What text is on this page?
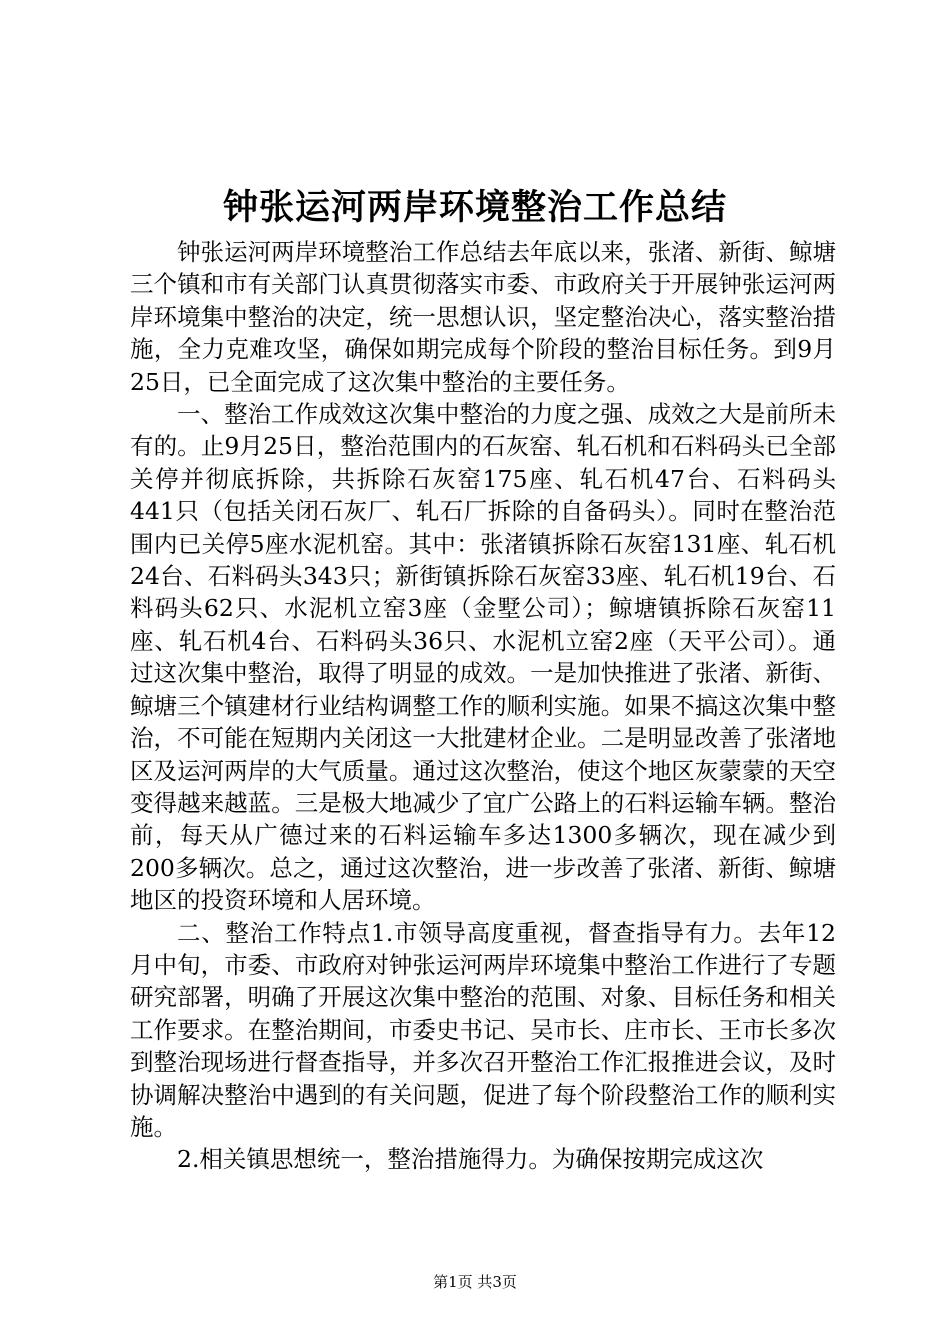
钟张运河两岸环境整治工作总结

钟张运河两岸环境整治工作总结去年底以来，张渚、新街、鲸塘三个镇和市有关部门认真贯彻落实市委、市政府关于开展钟张运河两岸环境集中整治的决定，统一思想认识，坚定整治决心，落实整治措施，全力克难攻坚，确保如期完成每个阶段的整治目标任务。到9月25日，已全面完成了这次集中整治的主要任务。

一、整治工作成效这次集中整治的力度之强、成效之大是前所未有的。止9月25日，整治范围内的石灰窑、轧石机和石料码头已全部关停并彻底拆除，共拆除石灰窑175座、轧石机47台、石料码头441只（包括关闭石灰厂、轧石厂拆除的自备码头）。同时在整治范围内已关停5座水泥机窑。其中：张渚镇拆除石灰窑131座、轧石机24台、石料码头343只；新街镇拆除石灰窑33座、轧石机19台、石料码头62只、水泥机立窑3座（金墅公司）；鲸塘镇拆除石灰窑11座、轧石机4台、石料码头36只、水泥机立窑2座（天平公司）。通过这次集中整治，取得了明显的成效。一是加快推进了张渚、新街、鲸塘三个镇建材行业结构调整工作的顺利实施。如果不搞这次集中整治，不可能在短期内关闭这一大批建材企业。二是明显改善了张渚地区及运河两岸的大气质量。通过这次整治，使这个地区灰蒙蒙的天空变得越来越蓝。三是极大地减少了宜广公路上的石料运输车辆。整治前，每天从广德过来的石料运输车多达1300多辆次，现在减少到200多辆次。总之，通过这次整治，进一步改善了张渚、新街、鲸塘地区的投资环境和人居环境。

二、整治工作特点1.市领导高度重视，督查指导有力。去年12月中旬，市委、市政府对钟张运河两岸环境集中整治工作进行了专题研究部署，明确了开展这次集中整治的范围、对象、目标任务和相关工作要求。在整治期间，市委史书记、吴市长、庄市长、王市长多次到整治现场进行督查指导，并多次召开整治工作汇报推进会议，及时协调解决整治中遇到的有关问题，促进了每个阶段整治工作的顺利实施。

2.相关镇思想统一，整治措施得力。为确保按期完成这次

第1页 共3页
